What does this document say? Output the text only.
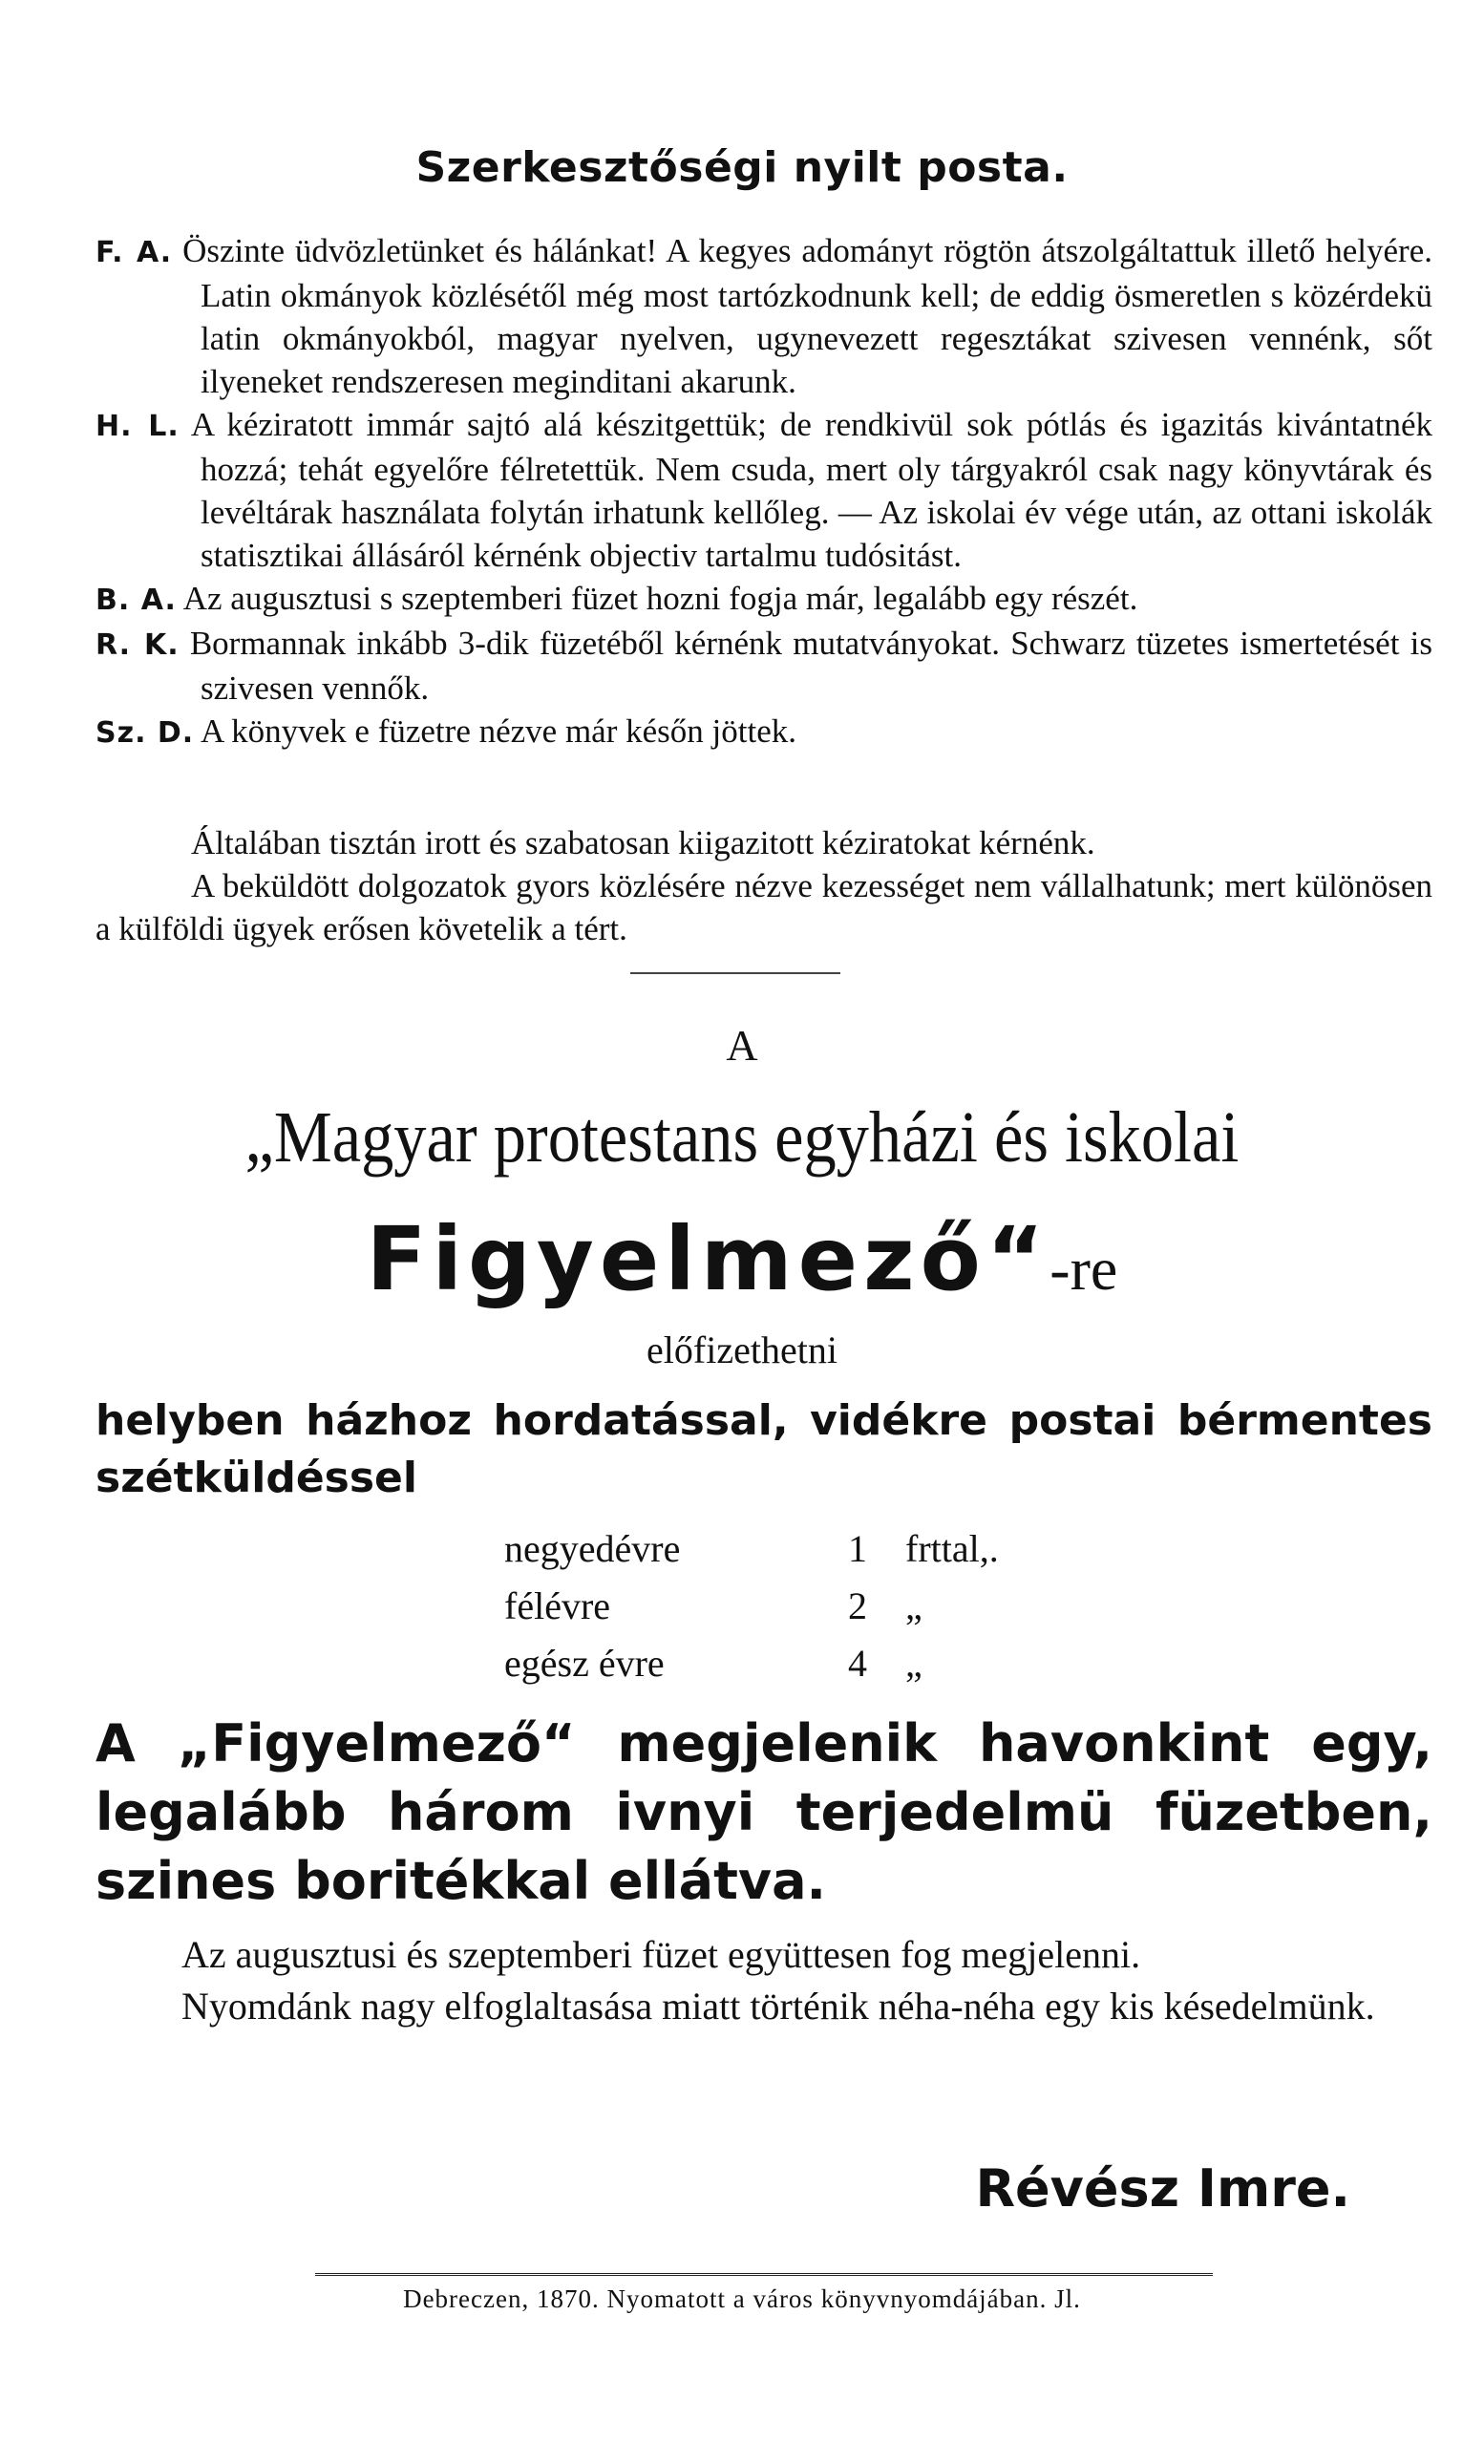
Szerkesztőségi nyilt posta.
F. A. Öszinte üdvözletünket és hálánkat! A kegyes adományt rögtön átszolgáltattuk illető helyére. Latin okmányok közlésétől még most tartózkodnunk kell; de eddig ösmeretlen s közérdekü latin okmányokból, magyar nyelven, ugynevezett regesztákat szivesen vennénk, sőt ilyeneket rendszeresen meginditani akarunk.
H. L. A kéziratott immár sajtó alá készitgettük; de rendkivül sok pótlás és igazitás kivántatnék hozzá; tehát egyelőre félretettük. Nem csuda, mert oly tárgyakról csak nagy könyvtárak és levéltárak használata folytán irhatunk kellőleg. — Az iskolai év vége után, az ottani iskolák statisztikai állásáról kérnénk objectiv tartalmu tudósitást.
B. A. Az augusztusi s szeptemberi füzet hozni fogja már, legalább egy részét.
R. K. Bormannak inkább 3-dik füzetéből kérnénk mutatványokat. Schwarz tüzetes ismertetését is szivesen vennők.
Sz. D. A könyvek e füzetre nézve már későn jöttek.
Általában tisztán irott és szabatosan kiigazitott kéziratokat kérnénk.
A beküldött dolgozatok gyors közlésére nézve kezességet nem vállalhatunk; mert különösen a külföldi ügyek erősen követelik a tért.
A
„Magyar protestans egyházi és iskolai
Figyelmező“-re
előfizethetni
helyben házhoz hordatással, vidékre postai bérmentes szétküldéssel
negyedévre	1	frttal,.
félévre	2	„
egész évre	4	„
A „Figyelmező“ megjelenik havonkint egy, legalább három ivnyi terjedelmü füzetben, szines boritékkal ellátva.
Az augusztusi és szeptemberi füzet együttesen fog megjelenni.
Nyomdánk nagy elfoglaltasása miatt történik néha-néha egy kis késedelmünk.
Révész Imre.
Debreczen, 1870. Nyomatott a város könyvnyomdájában. Jl.
